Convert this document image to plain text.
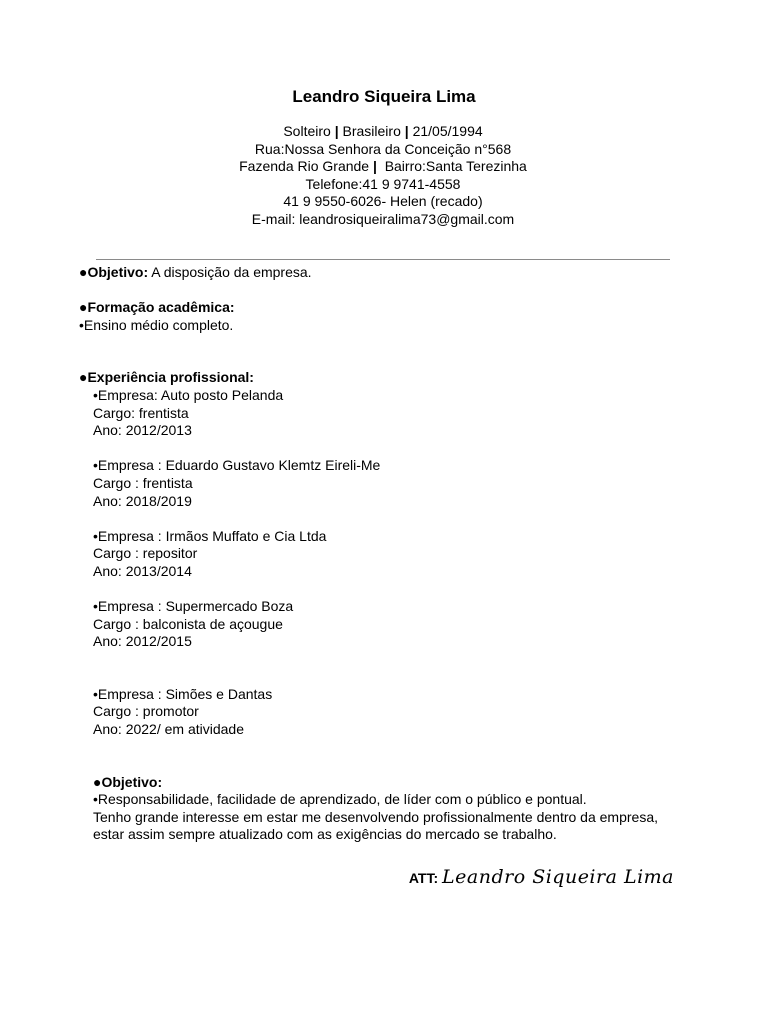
Leandro Siqueira Lima
Solteiro | Brasileiro | 21/05/1994
Rua:Nossa Senhora da Conceição n°568
Fazenda Rio Grande | Bairro:Santa Terezinha
Telefone:41 9 9741-4558
41 9 9550-6026- Helen (recado)
E-mail: leandrosiqueiralima73@gmail.com
●Objetivo: A disposição da empresa.
●Formação acadêmica:
•Ensino médio completo.
●Experiência profissional:
•Empresa: Auto posto Pelanda
Cargo: frentista
Ano: 2012/2013
•Empresa : Eduardo Gustavo Klemtz Eireli-Me
Cargo : frentista
Ano: 2018/2019
•Empresa : Irmãos Muffato e Cia Ltda
Cargo : repositor
Ano: 2013/2014
•Empresa : Supermercado Boza
Cargo : balconista de açougue
Ano: 2012/2015
•Empresa : Simões e Dantas
Cargo : promotor
Ano: 2022/ em atividade
●Objetivo:
•Responsabilidade, facilidade de aprendizado, de líder com o público e pontual.
Tenho grande interesse em estar me desenvolvendo profissionalmente dentro da empresa,
estar assim sempre atualizado com as exigências do mercado se trabalho.
ATT: Leandro Siqueira Lima
